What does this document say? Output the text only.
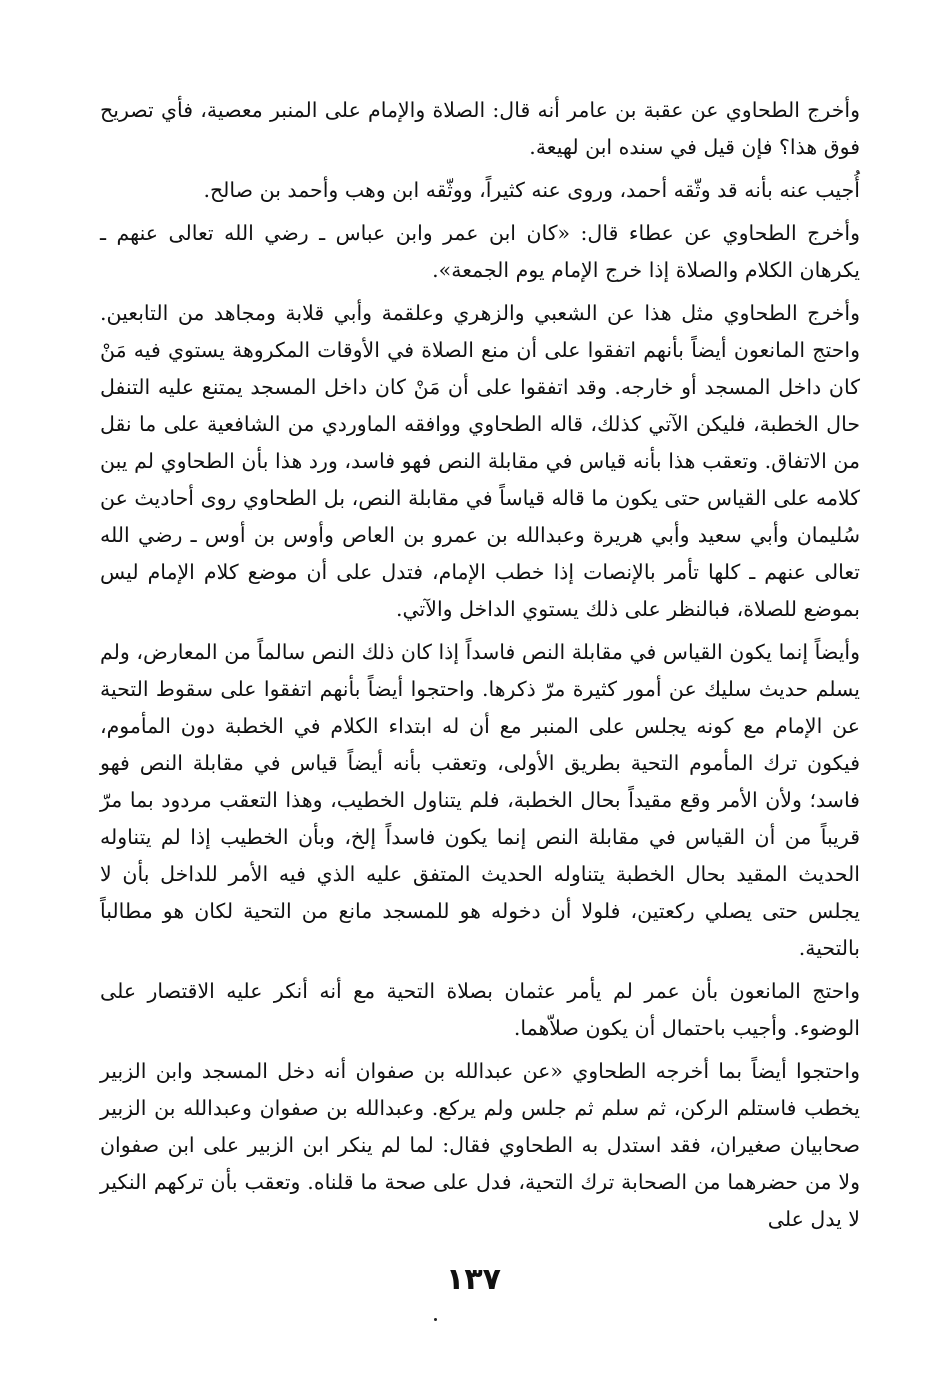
وأخرج الطحاوي عن عقبة بن عامر أنه قال: الصلاة والإمام على المنبر معصية، فأي تصريح فوق هذا؟ فإن قيل في سنده ابن لهيعة.

أُجيب عنه بأنه قد وثّقه أحمد، وروى عنه كثيراً، ووثّقه ابن وهب وأحمد بن صالح.

وأخرج الطحاوي عن عطاء قال: «كان ابن عمر وابن عباس ـ رضي الله تعالى عنهم ـ يكرهان الكلام والصلاة إذا خرج الإمام يوم الجمعة».

وأخرج الطحاوي مثل هذا عن الشعبي والزهري وعلقمة وأبي قلابة ومجاهد من التابعين. واحتج المانعون أيضاً بأنهم اتفقوا على أن منع الصلاة في الأوقات المكروهة يستوي فيه مَنْ كان داخل المسجد أو خارجه. وقد اتفقوا على أن مَنْ كان داخل المسجد يمتنع عليه التنفل حال الخطبة، فليكن الآتي كذلك، قاله الطحاوي ووافقه الماوردي من الشافعية على ما نقل من الاتفاق. وتعقب هذا بأنه قياس في مقابلة النص فهو فاسد، ورد هذا بأن الطحاوي لم يبن كلامه على القياس حتى يكون ما قاله قياساً في مقابلة النص، بل الطحاوي روى أحاديث عن سُليمان وأبي سعيد وأبي هريرة وعبدالله بن عمرو بن العاص وأوس بن أوس ـ رضي الله تعالى عنهم ـ كلها تأمر بالإنصات إذا خطب الإمام، فتدل على أن موضع كلام الإمام ليس بموضع للصلاة، فبالنظر على ذلك يستوي الداخل والآتي.

وأيضاً إنما يكون القياس في مقابلة النص فاسداً إذا كان ذلك النص سالماً من المعارض، ولم يسلم حديث سليك عن أمور كثيرة مرّ ذكرها. واحتجوا أيضاً بأنهم اتفقوا على سقوط التحية عن الإمام مع كونه يجلس على المنبر مع أن له ابتداء الكلام في الخطبة دون المأموم، فيكون ترك المأموم التحية بطريق الأولى، وتعقب بأنه أيضاً قياس في مقابلة النص فهو فاسد؛ ولأن الأمر وقع مقيداً بحال الخطبة، فلم يتناول الخطيب، وهذا التعقب مردود بما مرّ قريباً من أن القياس في مقابلة النص إنما يكون فاسداً إلخ، وبأن الخطيب إذا لم يتناوله الحديث المقيد بحال الخطبة يتناوله الحديث المتفق عليه الذي فيه الأمر للداخل بأن لا يجلس حتى يصلي ركعتين، فلولا أن دخوله هو للمسجد مانع من التحية لكان هو مطالباً بالتحية.

واحتج المانعون بأن عمر لم يأمر عثمان بصلاة التحية مع أنه أنكر عليه الاقتصار على الوضوء. وأجيب باحتمال أن يكون صلاّهما.

واحتجوا أيضاً بما أخرجه الطحاوي «عن عبدالله بن صفوان أنه دخل المسجد وابن الزبير يخطب فاستلم الركن، ثم سلم ثم جلس ولم يركع. وعبدالله بن صفوان وعبدالله بن الزبير صحابيان صغيران، فقد استدل به الطحاوي فقال: لما لم ينكر ابن الزبير على ابن صفوان ولا من حضرهما من الصحابة ترك التحية، فدل على صحة ما قلناه. وتعقب بأن تركهم النكير لا يدل على

١٣٧
